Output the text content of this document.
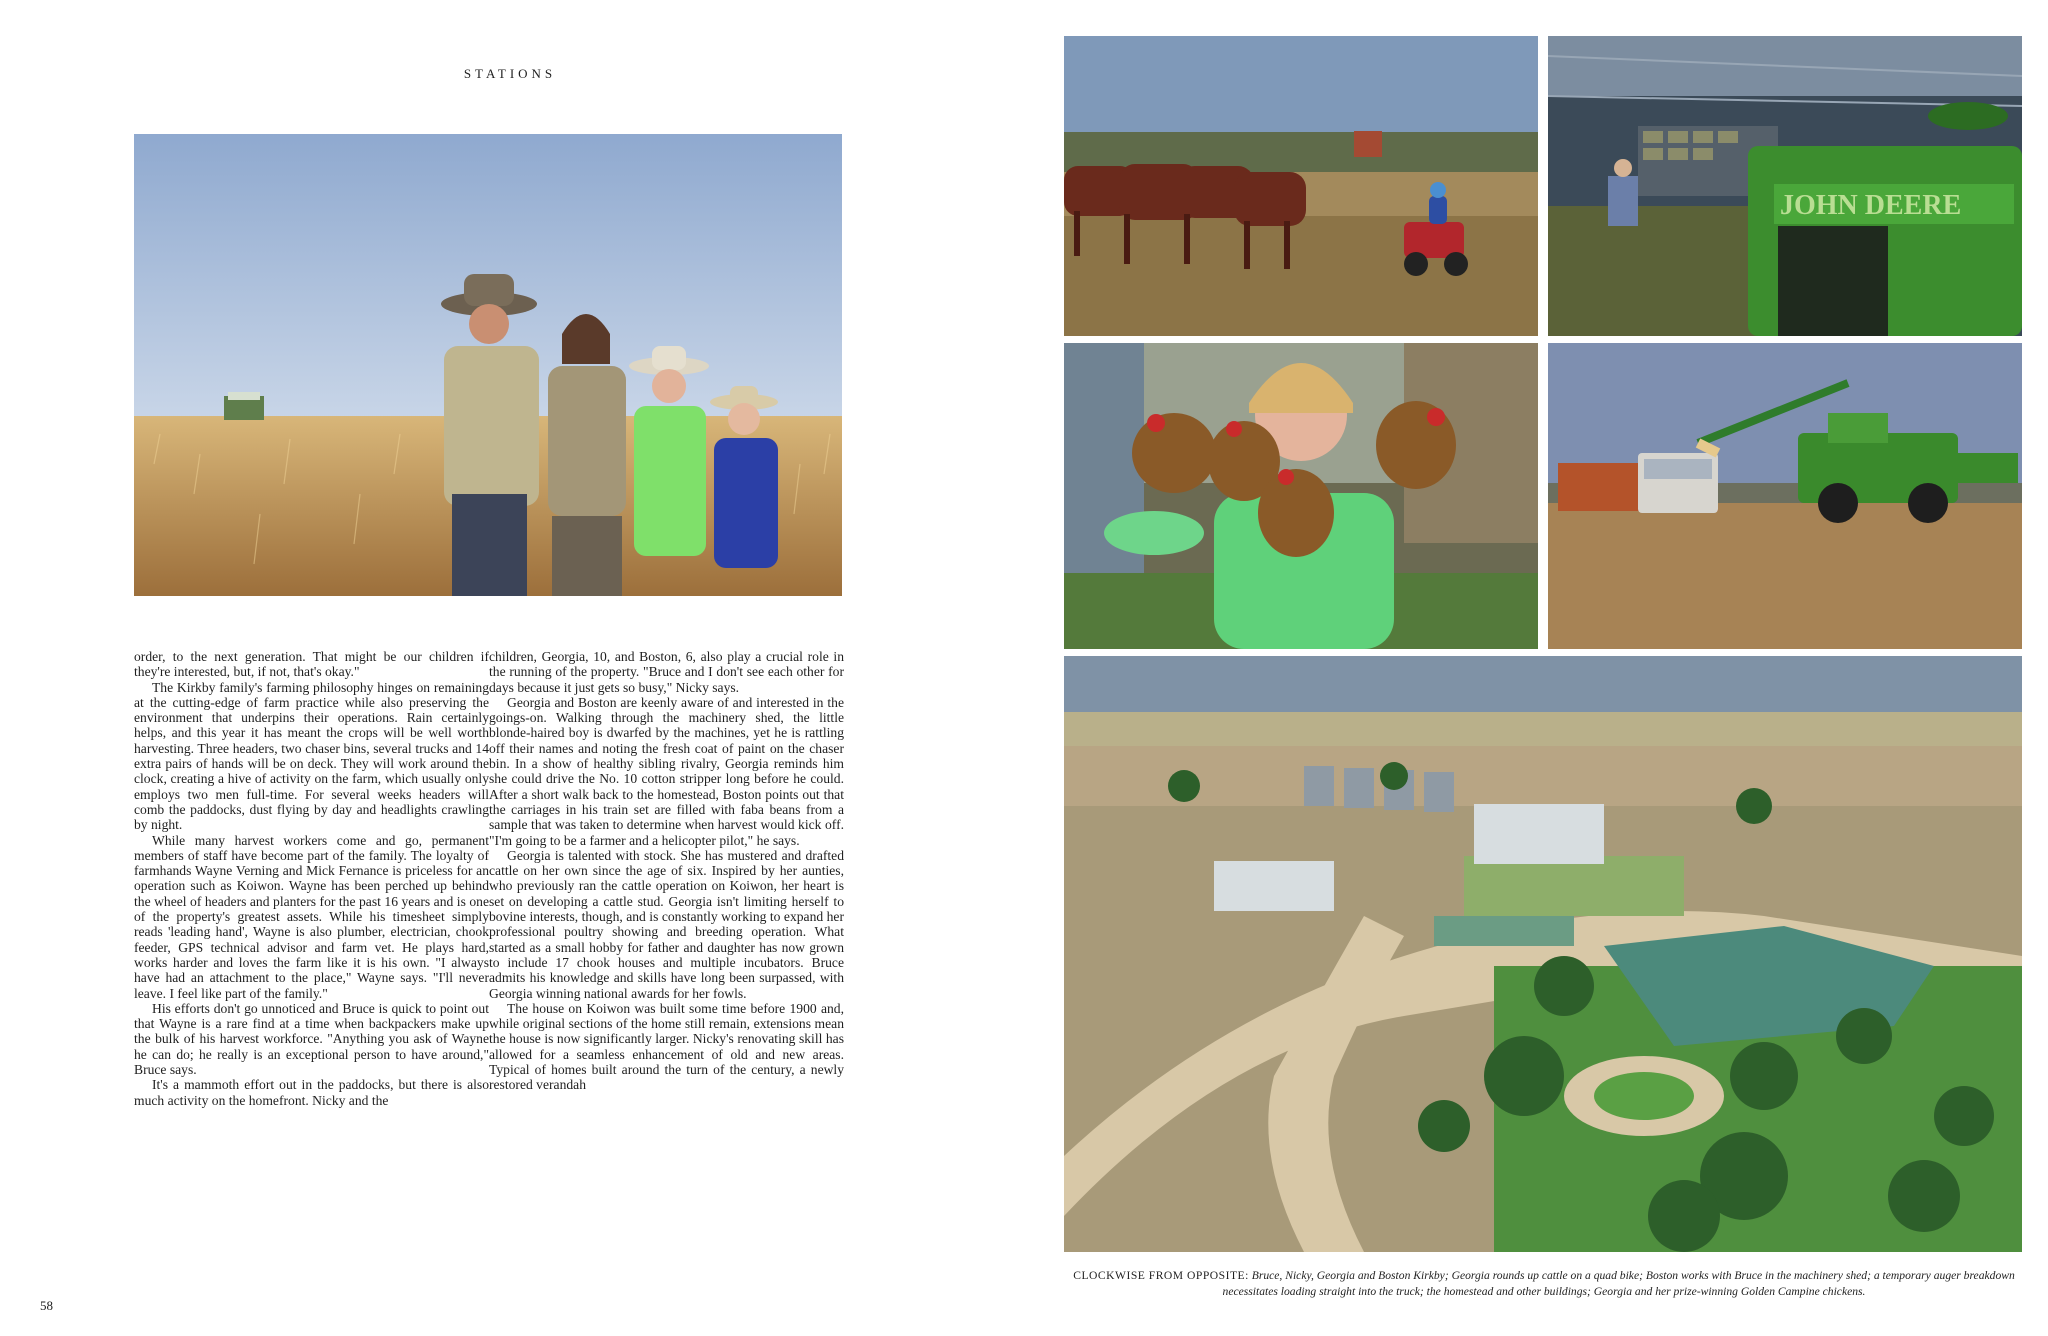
STATIONS
JOHN DEERE

order, to the next generation. That might be our children if they're interested, but, if not, that's okay."

The Kirkby family's farming philosophy hinges on remaining at the cutting-edge of farm practice while also preserving the environment that underpins their operations. Rain certainly helps, and this year it has meant the crops will be well worth harvesting. Three headers, two chaser bins, several trucks and 14 extra pairs of hands will be on deck. They will work around the clock, creating a hive of activity on the farm, which usually only employs two men full-time. For several weeks headers will comb the paddocks, dust flying by day and headlights crawling by night.

While many harvest workers come and go, permanent members of staff have become part of the family. The loyalty of farmhands Wayne Verning and Mick Fernance is priceless for an operation such as Koiwon. Wayne has been perched up behind the wheel of headers and planters for the past 16 years and is one of the property's greatest assets. While his timesheet simply reads 'leading hand', Wayne is also plumber, electrician, chook feeder, GPS technical advisor and farm vet. He plays hard, works harder and loves the farm like it is his own. "I always have had an attachment to the place," Wayne says. "I'll never leave. I feel like part of the family."

His efforts don't go unnoticed and Bruce is quick to point out that Wayne is a rare find at a time when backpackers make up the bulk of his harvest workforce. "Anything you ask of Wayne he can do; he really is an exceptional person to have around," Bruce says.

It's a mammoth effort out in the paddocks, but there is also much activity on the homefront. Nicky and the

children, Georgia, 10, and Boston, 6, also play a crucial role in the running of the property. "Bruce and I don't see each other for days because it just gets so busy," Nicky says.

Georgia and Boston are keenly aware of and interested in the goings-on. Walking through the machinery shed, the little blonde-haired boy is dwarfed by the machines, yet he is rattling off their names and noting the fresh coat of paint on the chaser bin. In a show of healthy sibling rivalry, Georgia reminds him she could drive the No. 10 cotton stripper long before he could. After a short walk back to the homestead, Boston points out that the carriages in his train set are filled with faba beans from a sample that was taken to determine when harvest would kick off. "I'm going to be a farmer and a helicopter pilot," he says.

Georgia is talented with stock. She has mustered and drafted cattle on her own since the age of six. Inspired by her aunties, who previously ran the cattle operation on Koiwon, her heart is set on developing a cattle stud. Georgia isn't limiting herself to bovine interests, though, and is constantly working to expand her professional poultry showing and breeding operation. What started as a small hobby for father and daughter has now grown to include 17 chook houses and multiple incubators. Bruce admits his knowledge and skills have long been surpassed, with Georgia winning national awards for her fowls.

The house on Koiwon was built some time before 1900 and, while original sections of the home still remain, extensions mean the house is now significantly larger. Nicky's renovating skill has allowed for a seamless enhancement of old and new areas. Typical of homes built around the turn of the century, a newly restored verandah

CLOCKWISE FROM OPPOSITE: Bruce, Nicky, Georgia and Boston Kirkby; Georgia rounds up cattle on a quad bike; Boston works with Bruce in the machinery shed; a temporary auger breakdown necessitates loading straight into the truck; the homestead and other buildings; Georgia and her prize-winning Golden Campine chickens.
58
